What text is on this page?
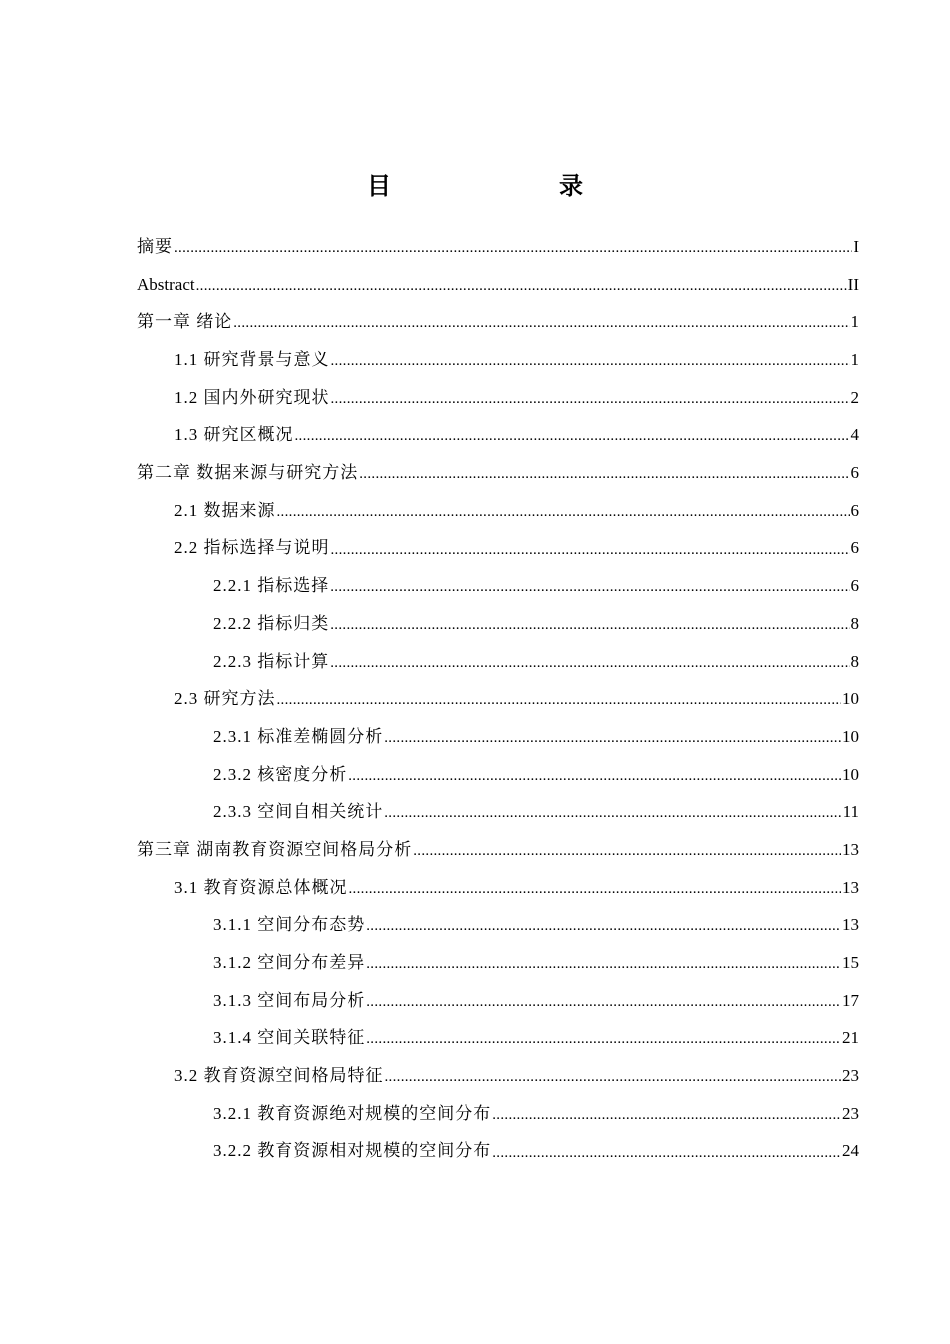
目　　录
摘要 .....	I
Abstract .....	II
第一章 绪论 .....	1
1.1 研究背景与意义 .....	1
1.2 国内外研究现状 .....	2
1.3 研究区概况 .....	4
第二章 数据来源与研究方法 .....	6
2.1 数据来源 .....	6
2.2 指标选择与说明 .....	6
2.2.1 指标选择 .....	6
2.2.2 指标归类 .....	8
2.2.3 指标计算 .....	8
2.3 研究方法 .....	10
2.3.1 标准差椭圆分析 .....	10
2.3.2 核密度分析 .....	10
2.3.3 空间自相关统计 .....	11
第三章 湖南教育资源空间格局分析 .....	13
3.1 教育资源总体概况 .....	13
3.1.1 空间分布态势 .....	13
3.1.2 空间分布差异 .....	15
3.1.3 空间布局分析 .....	17
3.1.4 空间关联特征 .....	21
3.2 教育资源空间格局特征 .....	23
3.2.1 教育资源绝对规模的空间分布 .....	23
3.2.2 教育资源相对规模的空间分布 .....	24
